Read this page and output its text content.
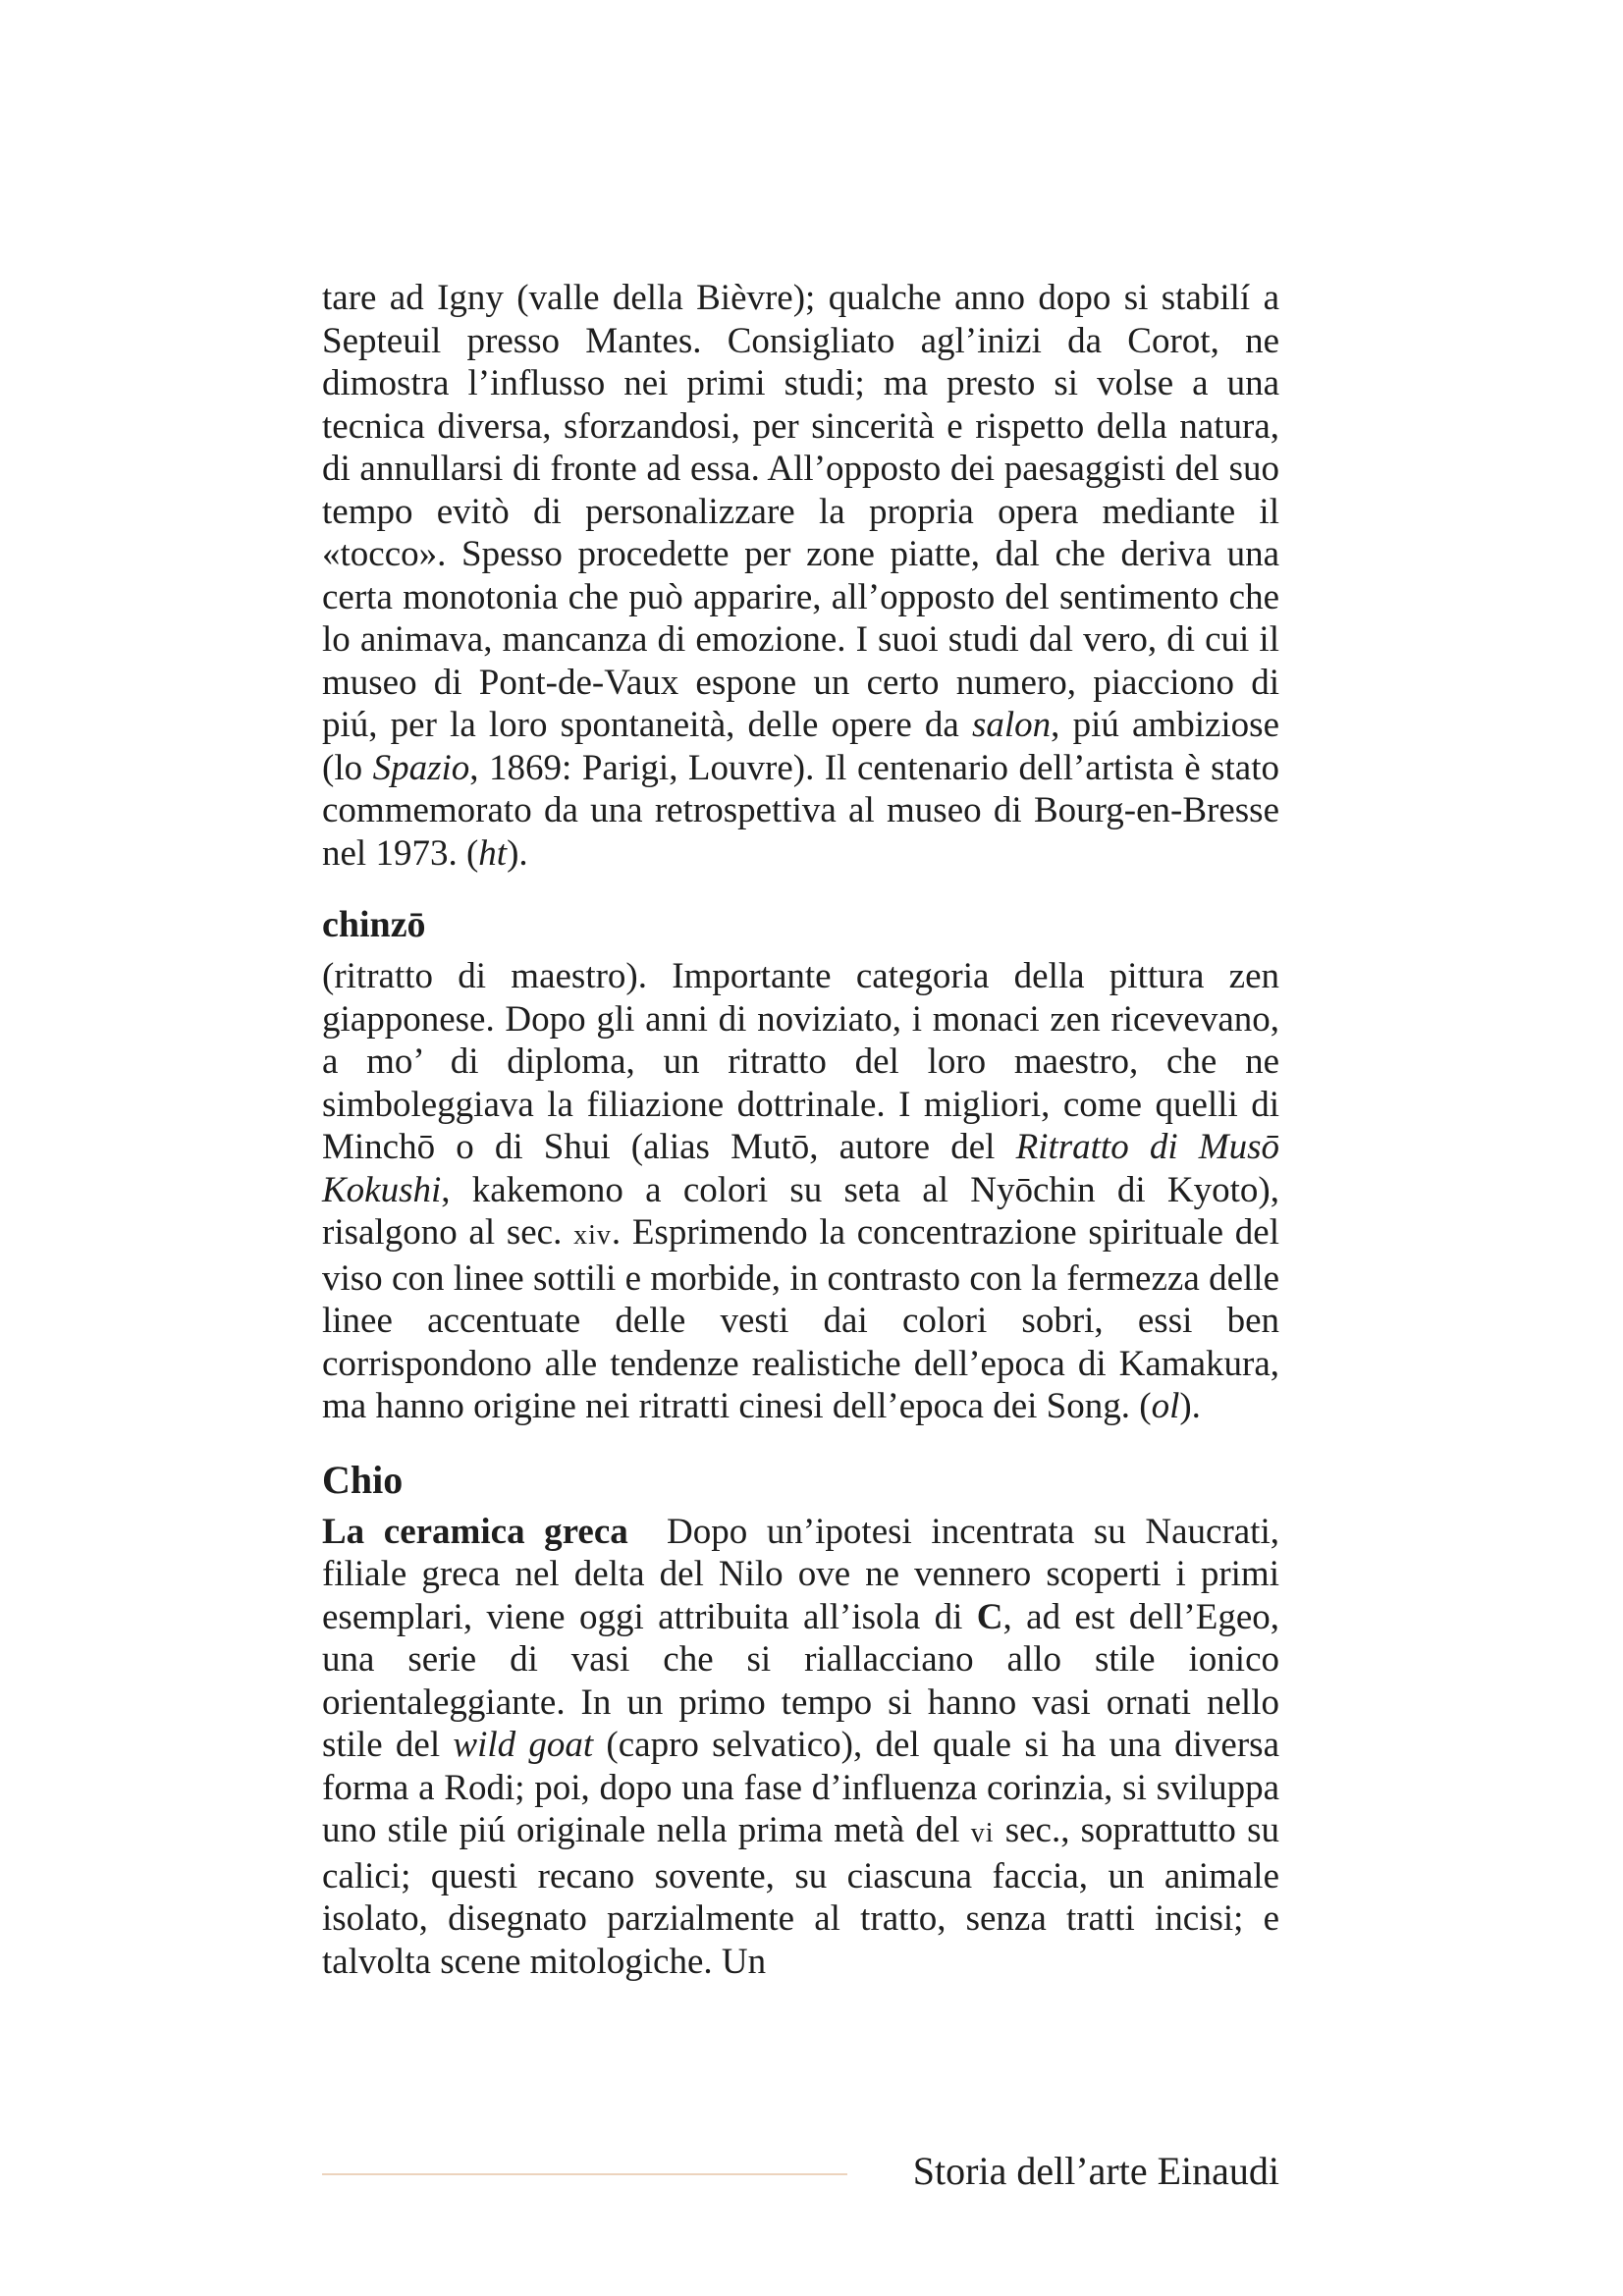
tare ad Igny (valle della Bièvre); qualche anno dopo si stabilí a Septeuil presso Mantes. Consigliato agl’inizi da Corot, ne dimostra l’influsso nei primi studi; ma presto si volse a una tecnica diversa, sforzandosi, per sincerità e rispetto della natura, di annullarsi di fronte ad essa. All’opposto dei paesaggisti del suo tempo evitò di personalizzare la propria opera mediante il «tocco». Spesso procedette per zone piatte, dal che deriva una certa monotonia che può apparire, all’opposto del sentimento che lo animava, mancanza di emozione. I suoi studi dal vero, di cui il museo di Pont-de-Vaux espone un certo numero, piacciono di piú, per la loro spontaneità, delle opere da salon, piú ambiziose (lo Spazio, 1869: Parigi, Louvre). Il centenario dell’artista è stato commemorato da una retrospettiva al museo di Bourg-en-Bresse nel 1973. (ht).

chinzō

(ritratto di maestro). Importante categoria della pittura zen giapponese. Dopo gli anni di noviziato, i monaci zen ricevevano, a mo’ di diploma, un ritratto del loro maestro, che ne simboleggiava la filiazione dottrinale. I migliori, come quelli di Minchō o di Shui (alias Mutō, autore del Ritratto di Musō Kokushi, kakemono a colori su seta al Nyōchin di Kyoto), risalgono al sec. xiv. Esprimendo la concentrazione spirituale del viso con linee sottili e morbide, in contrasto con la fermezza delle linee accentuate delle vesti dai colori sobri, essi ben corrispondono alle tendenze realistiche dell’epoca di Kamakura, ma hanno origine nei ritratti cinesi dell’epoca dei Song. (ol).

Chio

La ceramica greca Dopo un’ipotesi incentrata su Naucrati, filiale greca nel delta del Nilo ove ne vennero scoperti i primi esemplari, viene oggi attribuita all’isola di C, ad est dell’Egeo, una serie di vasi che si riallacciano allo stile ionico orientaleggiante. In un primo tempo si hanno vasi ornati nello stile del wild goat (capro selvatico), del quale si ha una diversa forma a Rodi; poi, dopo una fase d’influenza corinzia, si sviluppa uno stile piú originale nella prima metà del vi sec., soprattutto su calici; questi recano sovente, su ciascuna faccia, un animale isolato, disegnato parzialmente al tratto, senza tratti incisi; e talvolta scene mitologiche. Un

Storia dell’arte Einaudi
